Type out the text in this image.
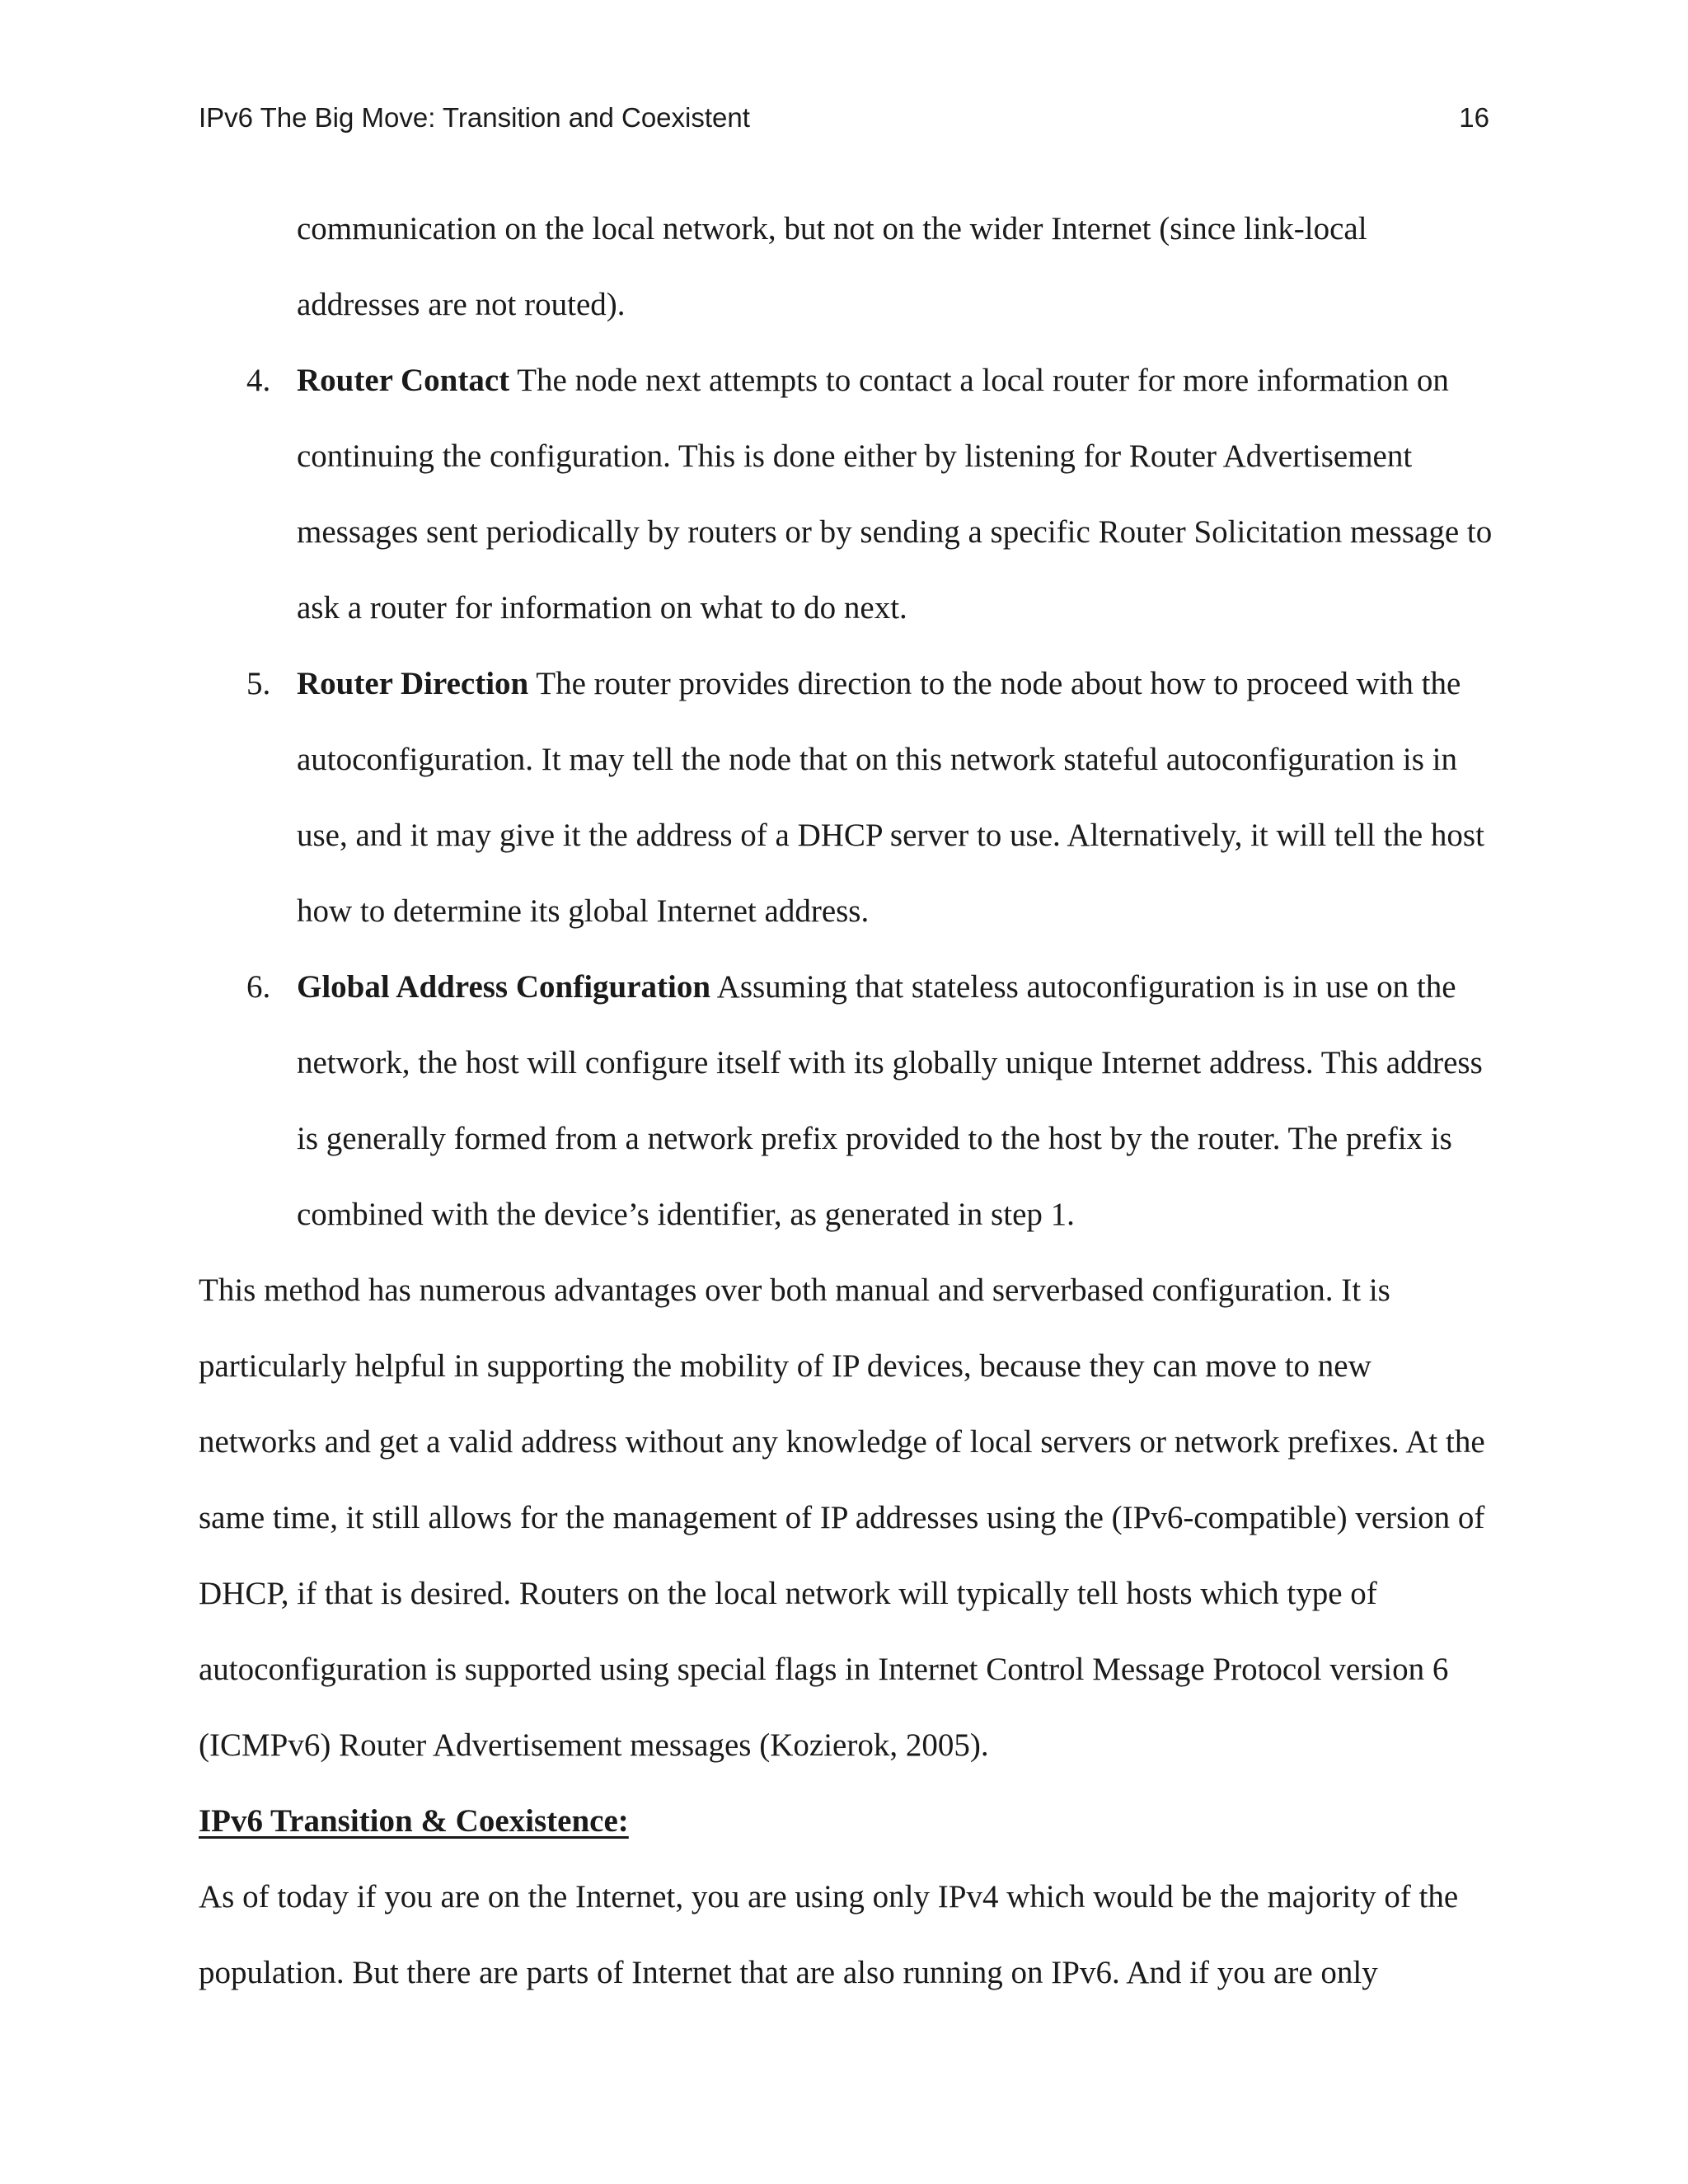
IPv6 The Big Move: Transition and Coexistent	16

communication on the local network, but not on the wider Internet (since link-local addresses are not routed).

4. Router Contact The node next attempts to contact a local router for more information on continuing the configuration. This is done either by listening for Router Advertisement messages sent periodically by routers or by sending a specific Router Solicitation message to ask a router for information on what to do next.
5. Router Direction The router provides direction to the node about how to proceed with the autoconfiguration. It may tell the node that on this network stateful autoconfiguration is in use, and it may give it the address of a DHCP server to use. Alternatively, it will tell the host how to determine its global Internet address.
6. Global Address Configuration Assuming that stateless autoconfiguration is in use on the network, the host will configure itself with its globally unique Internet address. This address is generally formed from a network prefix provided to the host by the router. The prefix is combined with the device’s identifier, as generated in step 1.

This method has numerous advantages over both manual and serverbased configuration. It is particularly helpful in supporting the mobility of IP devices, because they can move to new networks and get a valid address without any knowledge of local servers or network prefixes. At the same time, it still allows for the management of IP addresses using the (IPv6-compatible) version of DHCP, if that is desired. Routers on the local network will typically tell hosts which type of autoconfiguration is supported using special flags in Internet Control Message Protocol version 6 (ICMPv6) Router Advertisement messages (Kozierok, 2005).

IPv6 Transition & Coexistence:

As of today if you are on the Internet, you are using only IPv4 which would be the majority of the population. But there are parts of Internet that are also running on IPv6. And if you are only
